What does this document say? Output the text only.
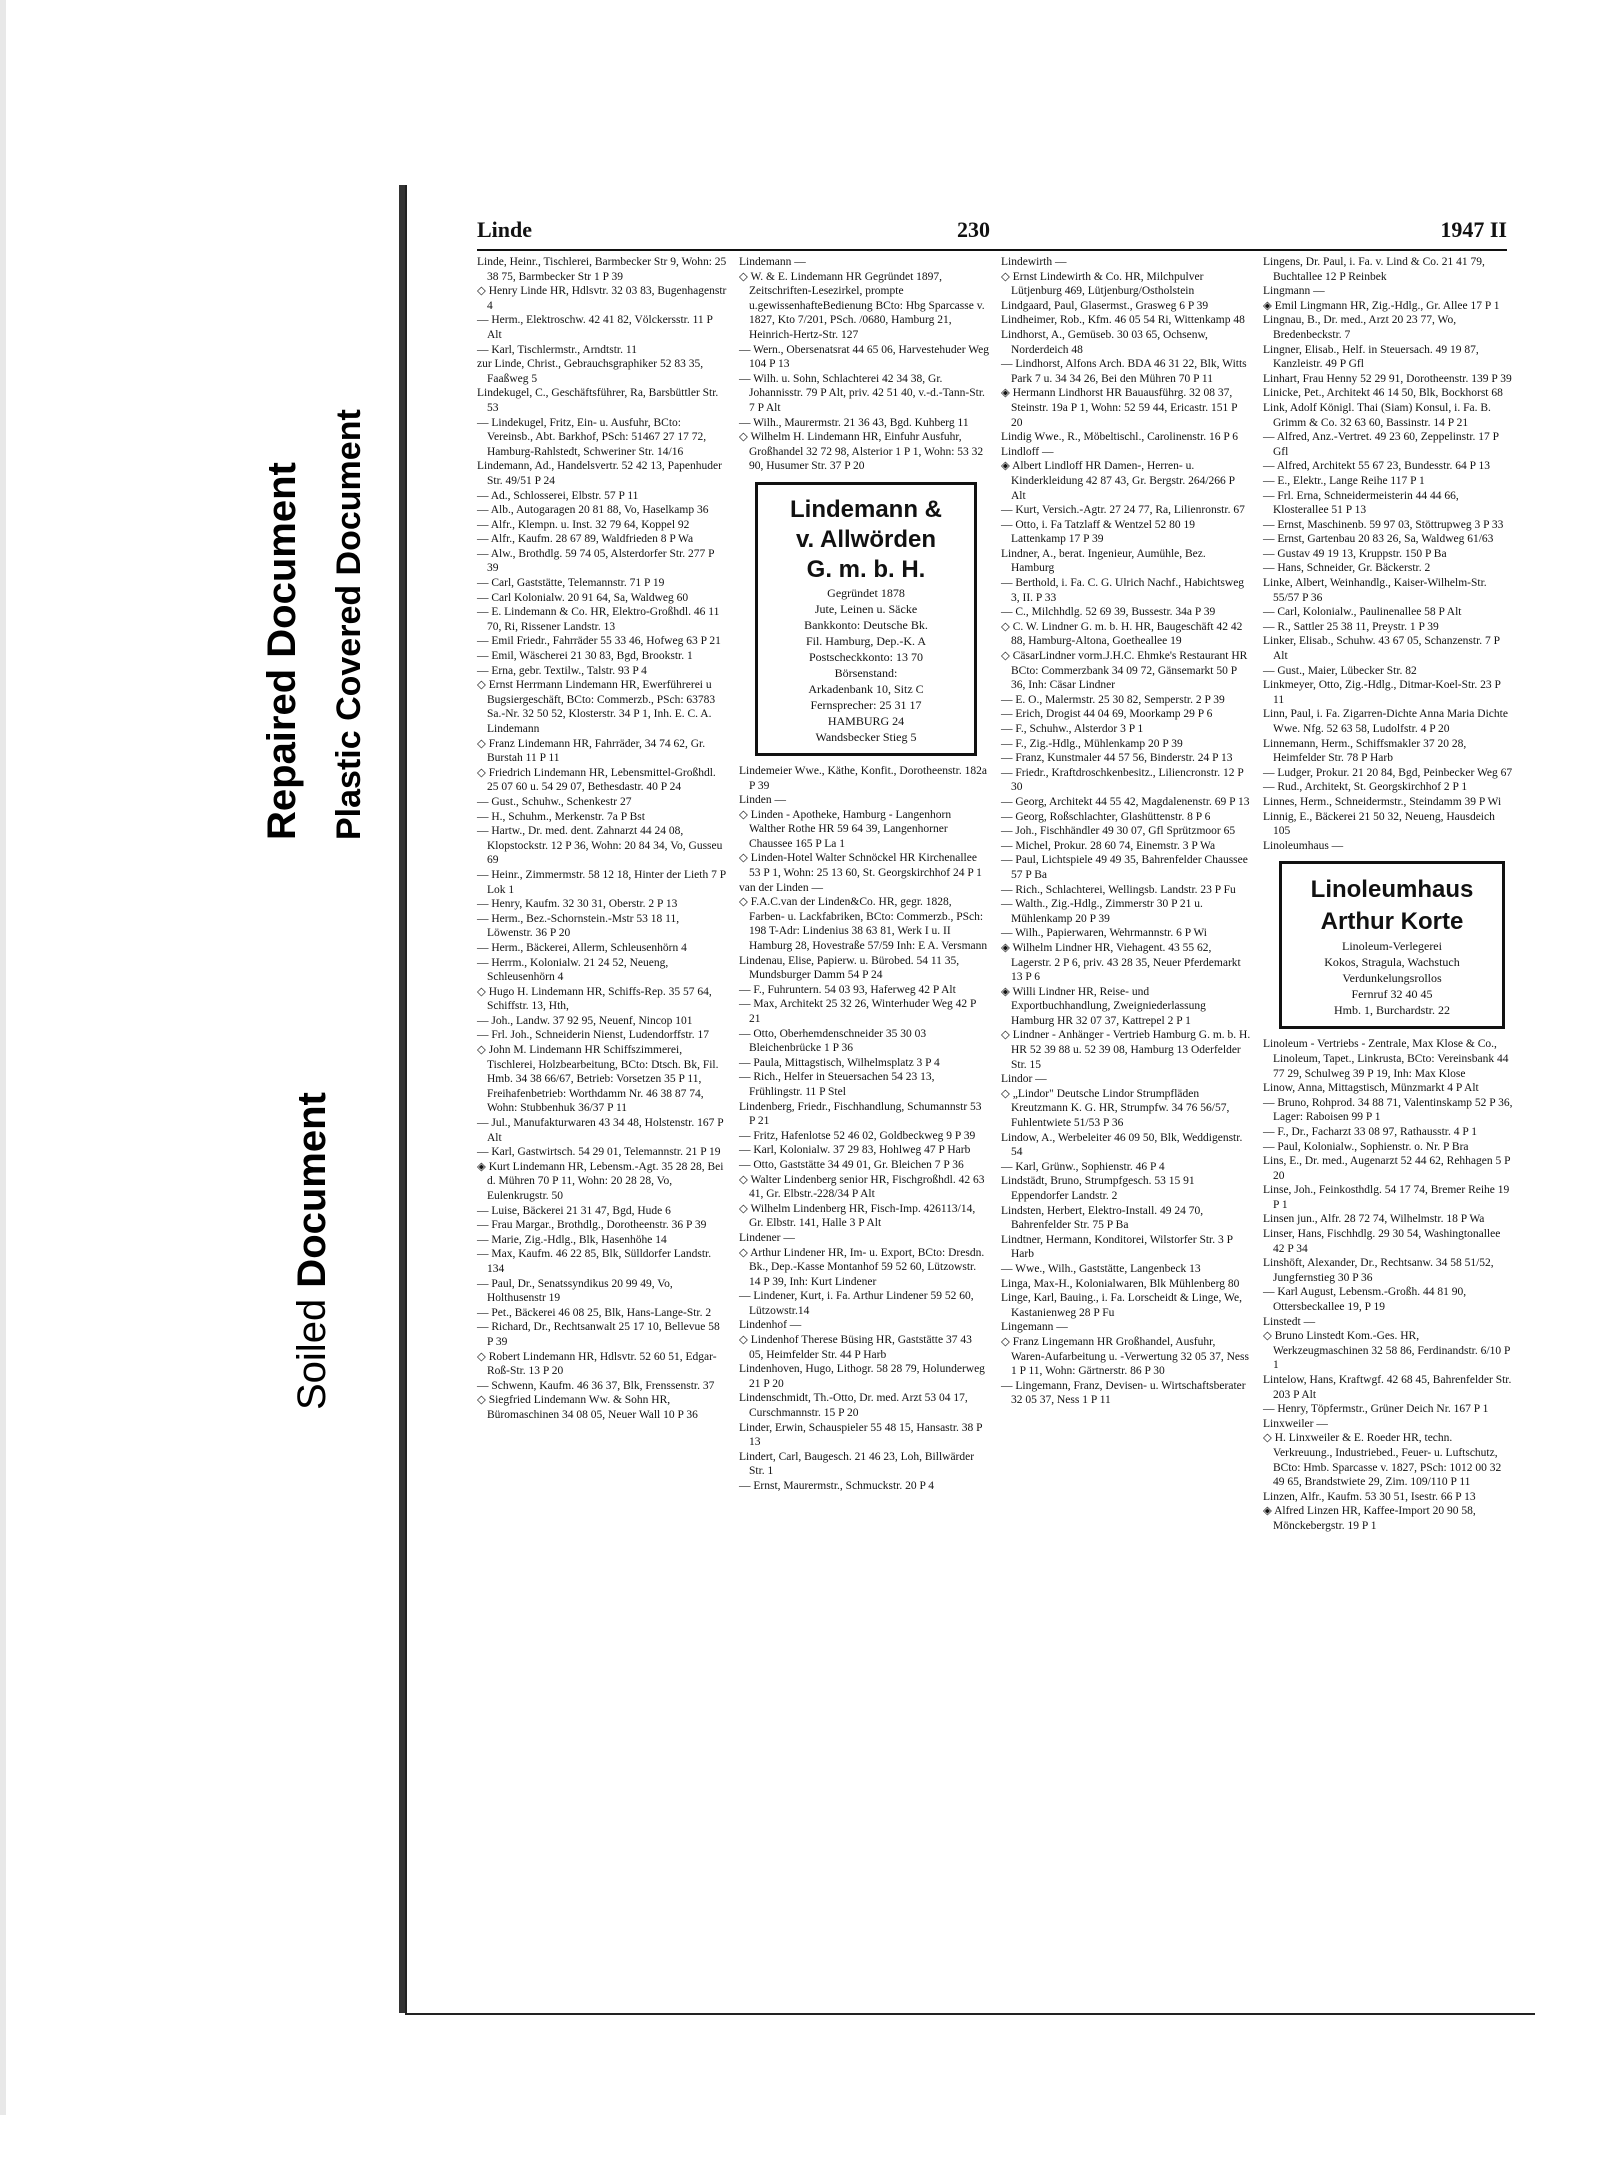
Repaired Document Plastic Covered Document
Soiled Document
Linde	230	1947 II

Linde, Heinr., Tischlerei, Barmbecker Str 9, Wohn: 25 38 75, Barmbecker Str 1 P 39

◇ Henry Linde HR, Hdlsvtr. 32 03 83, Bugenhagenstr 4

— Herm., Elektroschw. 42 41 82, Völckersstr. 11 P Alt

— Karl, Tischlermstr., Arndtstr. 11

zur Linde, Christ., Gebrauchsgraphiker 52 83 35, Faaßweg 5

Lindekugel, C., Geschäftsführer, Ra, Barsbüttler Str. 53

— Lindekugel, Fritz, Ein- u. Ausfuhr, BCto: Vereinsb., Abt. Barkhof, PSch: 51467 27 17 72, Hamburg-Rahlstedt, Schweriner Str. 14/16

Lindemann, Ad., Handelsvertr. 52 42 13, Papenhuder Str. 49/51 P 24

— Ad., Schlosserei, Elbstr. 57 P 11

— Alb., Autogaragen 20 81 88, Vo, Haselkamp 36

— Alfr., Klempn. u. Inst. 32 79 64, Koppel 92

— Alfr., Kaufm. 28 67 89, Waldfrieden 8 P Wa

— Alw., Brothdlg. 59 74 05, Alsterdorfer Str. 277 P 39

— Carl, Gaststätte, Telemannstr. 71 P 19

— Carl Kolonialw. 20 91 64, Sa, Waldweg 60

— E. Lindemann & Co. HR, Elektro-Großhdl. 46 11 70, Ri, Rissener Landstr. 13

— Emil Friedr., Fahrräder 55 33 46, Hofweg 63 P 21

— Emil, Wäscherei 21 30 83, Bgd, Brookstr. 1

— Erna, gebr. Textilw., Talstr. 93 P 4

◇ Ernst Herrmann Lindemann HR, Ewerführerei u Bugsiergeschäft, BCto: Commerzb., PSch: 63783 Sa.-Nr. 32 50 52, Klosterstr. 34 P 1, Inh. E. C. A. Lindemann

◇ Franz Lindemann HR, Fahrräder, 34 74 62, Gr. Burstah 11 P 11

◇ Friedrich Lindemann HR, Lebensmittel-Großhdl. 25 07 60 u. 54 29 07, Bethesdastr. 40 P 24

— Gust., Schuhw., Schenkestr 27

— H., Schuhm., Merkenstr. 7a P Bst

— Hartw., Dr. med. dent. Zahnarzt 44 24 08, Klopstockstr. 12 P 36, Wohn: 20 84 34, Vo, Gusseu 69

— Heinr., Zimmermstr. 58 12 18, Hinter der Lieth 7 P Lok 1

— Henry, Kaufm. 32 30 31, Oberstr. 2 P 13

— Herm., Bez.-Schornstein.-Mstr 53 18 11, Löwenstr. 36 P 20

— Herm., Bäckerei, Allerm, Schleusenhörn 4

— Herrm., Kolonialw. 21 24 52, Neueng, Schleusenhörn 4

◇ Hugo H. Lindemann HR, Schiffs-Rep. 35 57 64, Schiffstr. 13, Hth,

— Joh., Landw. 37 92 95, Neuenf, Nincop 101

— Frl. Joh., Schneiderin Nienst, Ludendorffstr. 17

◇ John M. Lindemann HR Schiffszimmerei, Tischlerei, Holzbearbeitung, BCto: Dtsch. Bk, Fil. Hmb. 34 38 66/67, Betrieb: Vorsetzen 35 P 11, Freihafenbetrieb: Worthdamm Nr. 46 38 87 74, Wohn: Stubbenhuk 36/37 P 11

— Jul., Manufakturwaren 43 34 48, Holstenstr. 167 P Alt

— Karl, Gastwirtsch. 54 29 01, Telemannstr. 21 P 19

◈ Kurt Lindemann HR, Lebensm.-Agt. 35 28 28, Bei d. Mühren 70 P 11, Wohn: 20 28 28, Vo, Eulenkrugstr. 50

— Luise, Bäckerei 21 31 47, Bgd, Hude 6

— Frau Margar., Brothdlg., Dorotheenstr. 36 P 39

— Marie, Zig.-Hdlg., Blk, Hasenhöhe 14

— Max, Kaufm. 46 22 85, Blk, Sülldorfer Landstr. 134

— Paul, Dr., Senatssyndikus 20 99 49, Vo, Holthusenstr 19

— Pet., Bäckerei 46 08 25, Blk, Hans-Lange-Str. 2

— Richard, Dr., Rechtsanwalt 25 17 10, Bellevue 58 P 39

◇ Robert Lindemann HR, Hdlsvtr. 52 60 51, Edgar-Roß-Str. 13 P 20

— Schwenn, Kaufm. 46 36 37, Blk, Frenssenstr. 37

◇ Siegfried Lindemann Ww. & Sohn HR, Büromaschinen 34 08 05, Neuer Wall 10 P 36

Lindemann —

◇ W. & E. Lindemann HR Gegründet 1897, Zeitschriften-Lesezirkel, prompte u.gewissenhafteBedienung BCto: Hbg Sparcasse v. 1827, Kto 7/201, PSch. /0680, Hamburg 21, Heinrich-Hertz-Str. 127

— Wern., Obersenatsrat 44 65 06, Harvestehuder Weg 104 P 13

— Wilh. u. Sohn, Schlachterei 42 34 38, Gr. Johannisstr. 79 P Alt, priv. 42 51 40, v.-d.-Tann-Str. 7 P Alt

— Wilh., Maurermstr. 21 36 43, Bgd. Kuhberg 11

◇ Wilhelm H. Lindemann HR, Einfuhr Ausfuhr, Großhandel 32 72 98, Alsterior 1 P 1, Wohn: 53 32 90, Husumer Str. 37 P 20

Lindemann &
v. Allwörden
G. m. b. H.
Gegründet 1878
Jute, Leinen u. Säcke
Bankkonto: Deutsche Bk.
Fil. Hamburg, Dep.-K. A
Postscheckkonto: 13 70
Börsenstand:
Arkadenbank 10, Sitz C
Fernsprecher: 25 31 17
HAMBURG 24
Wandsbecker Stieg 5

Lindemeier Wwe., Käthe, Konfit., Dorotheenstr. 182a P 39

Linden —

◇ Linden - Apotheke, Hamburg - Langenhorn Walther Rothe HR 59 64 39, Langenhorner Chaussee 165 P La 1

◇ Linden-Hotel Walter Schnöckel HR Kirchenallee 53 P 1, Wohn: 25 13 60, St. Georgskirchhof 24 P 1

van der Linden —

◇ F.A.C.van der Linden&Co. HR, gegr. 1828, Farben- u. Lackfabriken, BCto: Commerzb., PSch: 198 T-Adr: Lindenius 38 63 81, Werk I u. II Hamburg 28, Hovestraße 57/59 Inh: E A. Versmann

Lindenau, Elise, Papierw. u. Bürobed. 54 11 35, Mundsburger Damm 54 P 24

— F., Fuhruntern. 54 03 93, Haferweg 42 P Alt

— Max, Architekt 25 32 26, Winterhuder Weg 42 P 21

— Otto, Oberhemdenschneider 35 30 03 Bleichenbrücke 1 P 36

— Paula, Mittagstisch, Wilhelmsplatz 3 P 4

— Rich., Helfer in Steuersachen 54 23 13, Frühlingstr. 11 P Stel

Lindenberg, Friedr., Fischhandlung, Schumannstr 53 P 21

— Fritz, Hafenlotse 52 46 02, Goldbeckweg 9 P 39

— Karl, Kolonialw. 37 29 83, Hohlweg 47 P Harb

— Otto, Gaststätte 34 49 01, Gr. Bleichen 7 P 36

◇ Walter Lindenberg senior HR, Fischgroßhdl. 42 63 41, Gr. Elbstr.-228/34 P Alt

◇ Wilhelm Lindenberg HR, Fisch-Imp. 426113/14, Gr. Elbstr. 141, Halle 3 P Alt

Lindener —

◇ Arthur Lindener HR, Im- u. Export, BCto: Dresdn. Bk., Dep.-Kasse Montanhof 59 52 60, Lützowstr. 14 P 39, Inh: Kurt Lindener

— Lindener, Kurt, i. Fa. Arthur Lindener 59 52 60, Lützowstr.14

Lindenhof —

◇ Lindenhof Therese Büsing HR, Gaststätte 37 43 05, Heimfelder Str. 44 P Harb

Lindenhoven, Hugo, Lithogr. 58 28 79, Holunderweg 21 P 20

Lindenschmidt, Th.-Otto, Dr. med. Arzt 53 04 17, Curschmannstr. 15 P 20

Linder, Erwin, Schauspieler 55 48 15, Hansastr. 38 P 13

Lindert, Carl, Baugesch. 21 46 23, Loh, Billwärder Str. 1

— Ernst, Maurermstr., Schmuckstr. 20 P 4

Lindewirth —

◇ Ernst Lindewirth & Co. HR, Milchpulver Lütjenburg 469, Lütjenburg/Ostholstein

Lindgaard, Paul, Glasermst., Grasweg 6 P 39

Lindheimer, Rob., Kfm. 46 05 54 Ri, Wittenkamp 48

Lindhorst, A., Gemüseb. 30 03 65, Ochsenw, Norderdeich 48

— Lindhorst, Alfons Arch. BDA 46 31 22, Blk, Witts Park 7 u. 34 34 26, Bei den Mühren 70 P 11

◈ Hermann Lindhorst HR Bauausführg. 32 08 37, Steinstr. 19a P 1, Wohn: 52 59 44, Ericastr. 151 P 20

Lindig Wwe., R., Möbeltischl., Carolinenstr. 16 P 6

Lindloff —

◈ Albert Lindloff HR Damen-, Herren- u. Kinderkleidung 42 87 43, Gr. Bergstr. 264/266 P Alt

— Kurt, Versich.-Agtr. 27 24 77, Ra, Lilienronstr. 67

— Otto, i. Fa Tatzlaff & Wentzel 52 80 19 Lattenkamp 17 P 39

Lindner, A., berat. Ingenieur, Aumühle, Bez. Hamburg

— Berthold, i. Fa. C. G. Ulrich Nachf., Habichtsweg 3, II. P 33

— C., Milchhdlg. 52 69 39, Bussestr. 34a P 39

◇ C. W. Lindner G. m. b. H. HR, Baugeschäft 42 42 88, Hamburg-Altona, Goetheallee 19

◇ CäsarLindner vorm.J.H.C. Ehmke's Restaurant HR BCto: Commerzbank 34 09 72, Gänsemarkt 50 P 36, Inh: Cäsar Lindner

— E. O., Malermstr. 25 30 82, Semperstr. 2 P 39

— Erich, Drogist 44 04 69, Moorkamp 29 P 6

— F., Schuhw., Alsterdor 3 P 1

— F., Zig.-Hdlg., Mühlenkamp 20 P 39

— Franz, Kunstmaler 44 57 56, Binderstr. 24 P 13

— Friedr., Kraftdroschkenbesitz., Liliencronstr. 12 P 30

— Georg, Architekt 44 55 42, Magdalenenstr. 69 P 13

— Georg, Roßschlachter, Glashüttenstr. 8 P 6

— Joh., Fischhändler 49 30 07, Gfl Sprützmoor 65

— Michel, Prokur. 28 60 74, Einemstr. 3 P Wa

— Paul, Lichtspiele 49 49 35, Bahrenfelder Chaussee 57 P Ba

— Rich., Schlachterei, Wellingsb. Landstr. 23 P Fu

— Walth., Zig.-Hdlg., Zimmerstr 30 P 21 u. Mühlenkamp 20 P 39

— Wilh., Papierwaren, Wehrmannstr. 6 P Wi

◈ Wilhelm Lindner HR, Viehagent. 43 55 62, Lagerstr. 2 P 6, priv. 43 28 35, Neuer Pferdemarkt 13 P 6

◈ Willi Lindner HR, Reise- und Exportbuchhandlung, Zweigniederlassung Hamburg HR 32 07 37, Kattrepel 2 P 1

◇ Lindner - Anhänger - Vertrieb Hamburg G. m. b. H. HR 52 39 88 u. 52 39 08, Hamburg 13 Oderfelder Str. 15

Lindor —

◇ „Lindor" Deutsche Lindor Strumpfläden Kreutzmann K. G. HR, Strumpfw. 34 76 56/57, Fuhlentwiete 51/53 P 36

Lindow, A., Werbeleiter 46 09 50, Blk, Weddigenstr. 54

— Karl, Grünw., Sophienstr. 46 P 4

Lindstädt, Bruno, Strumpfgesch. 53 15 91 Eppendorfer Landstr. 2

Lindsten, Herbert, Elektro-Install. 49 24 70, Bahrenfelder Str. 75 P Ba

Lindtner, Hermann, Konditorei, Wilstorfer Str. 3 P Harb

— Wwe., Wilh., Gaststätte, Langenbeck 13

Linga, Max-H., Kolonialwaren, Blk Mühlenberg 80

Linge, Karl, Bauing., i. Fa. Lorscheidt & Linge, We, Kastanienweg 28 P Fu

Lingemann —

◇ Franz Lingemann HR Großhandel, Ausfuhr, Waren-Aufarbeitung u. -Verwertung 32 05 37, Ness 1 P 11, Wohn: Gärtnerstr. 86 P 30

— Lingemann, Franz, Devisen- u. Wirtschaftsberater 32 05 37, Ness 1 P 11

Lingens, Dr. Paul, i. Fa. v. Lind & Co. 21 41 79, Buchtallee 12 P Reinbek

Lingmann —

◈ Emil Lingmann HR, Zig.-Hdlg., Gr. Allee 17 P 1

Lingnau, B., Dr. med., Arzt 20 23 77, Wo, Bredenbeckstr. 7

Lingner, Elisab., Helf. in Steuersach. 49 19 87, Kanzleistr. 49 P Gfl

Linhart, Frau Henny 52 29 91, Dorotheenstr. 139 P 39

Linicke, Pet., Architekt 46 14 50, Blk, Bockhorst 68

Link, Adolf Königl. Thai (Siam) Konsul, i. Fa. B. Grimm & Co. 32 63 60, Bassinstr. 14 P 21

— Alfred, Anz.-Vertret. 49 23 60, Zeppelinstr. 17 P Gfl

— Alfred, Architekt 55 67 23, Bundesstr. 64 P 13

— E., Elektr., Lange Reihe 117 P 1

— Frl. Erna, Schneidermeisterin 44 44 66, Klosterallee 51 P 13

— Ernst, Maschinenb. 59 97 03, Stöttrupweg 3 P 33

— Ernst, Gartenbau 20 83 26, Sa, Waldweg 61/63

— Gustav 49 19 13, Kruppstr. 150 P Ba

— Hans, Schneider, Gr. Bäckerstr. 2

Linke, Albert, Weinhandlg., Kaiser-Wilhelm-Str. 55/57 P 36

— Carl, Kolonialw., Paulinenallee 58 P Alt

— R., Sattler 25 38 11, Preystr. 1 P 39

Linker, Elisab., Schuhw. 43 67 05, Schanzenstr. 7 P Alt

— Gust., Maier, Lübecker Str. 82

Linkmeyer, Otto, Zig.-Hdlg., Ditmar-Koel-Str. 23 P 11

Linn, Paul, i. Fa. Zigarren-Dichte Anna Maria Dichte Wwe. Nfg. 52 63 58, Ludolfstr. 4 P 20

Linnemann, Herm., Schiffsmakler 37 20 28, Heimfelder Str. 78 P Harb

— Ludger, Prokur. 21 20 84, Bgd, Peinbecker Weg 67

— Rud., Architekt, St. Georgskirchhof 2 P 1

Linnes, Herm., Schneidermstr., Steindamm 39 P Wi

Linnig, E., Bäckerei 21 50 32, Neueng, Hausdeich 105

Linoleumhaus —

Linoleumhaus
Arthur Korte
Linoleum-Verlegerei
Kokos, Stragula, Wachstuch
Verdunkelungsrollos
Fernruf 32 40 45
Hmb. 1, Burchardstr. 22

Linoleum - Vertriebs - Zentrale, Max Klose & Co., Linoleum, Tapet., Linkrusta, BCto: Vereinsbank 44 77 29, Schulweg 39 P 19, Inh: Max Klose

Linow, Anna, Mittagstisch, Münzmarkt 4 P Alt

— Bruno, Rohprod. 34 88 71, Valentinskamp 52 P 36, Lager: Raboisen 99 P 1

— F., Dr., Facharzt 33 08 97, Rathausstr. 4 P 1

— Paul, Kolonialw., Sophienstr. o. Nr. P Bra

Lins, E., Dr. med., Augenarzt 52 44 62, Rehhagen 5 P 20

Linse, Joh., Feinkosthdlg. 54 17 74, Bremer Reihe 19 P 1

Linsen jun., Alfr. 28 72 74, Wilhelmstr. 18 P Wa

Linser, Hans, Fischhdlg. 29 30 54, Washingtonallee 42 P 34

Linshöft, Alexander, Dr., Rechtsanw. 34 58 51/52, Jungfernstieg 30 P 36

— Karl August, Lebensm.-Großh. 44 81 90, Ottersbeckallee 19, P 19

Linstedt —

◇ Bruno Linstedt Kom.-Ges. HR, Werkzeugmaschinen 32 58 86, Ferdinandstr. 6/10 P 1

Lintelow, Hans, Kraftwgf. 42 68 45, Bahrenfelder Str. 203 P Alt

— Henry, Töpfermstr., Grüner Deich Nr. 167 P 1

Linxweiler —

◇ H. Linxweiler & E. Roeder HR, techn. Verkreuung., Industriebed., Feuer- u. Luftschutz, BCto: Hmb. Sparcasse v. 1827, PSch: 1012 00 32 49 65, Brandstwiete 29, Zim. 109/110 P 11

Linzen, Alfr., Kaufm. 53 30 51, Isestr. 66 P 13

◈ Alfred Linzen HR, Kaffee-Import 20 90 58, Mönckebergstr. 19 P 1
